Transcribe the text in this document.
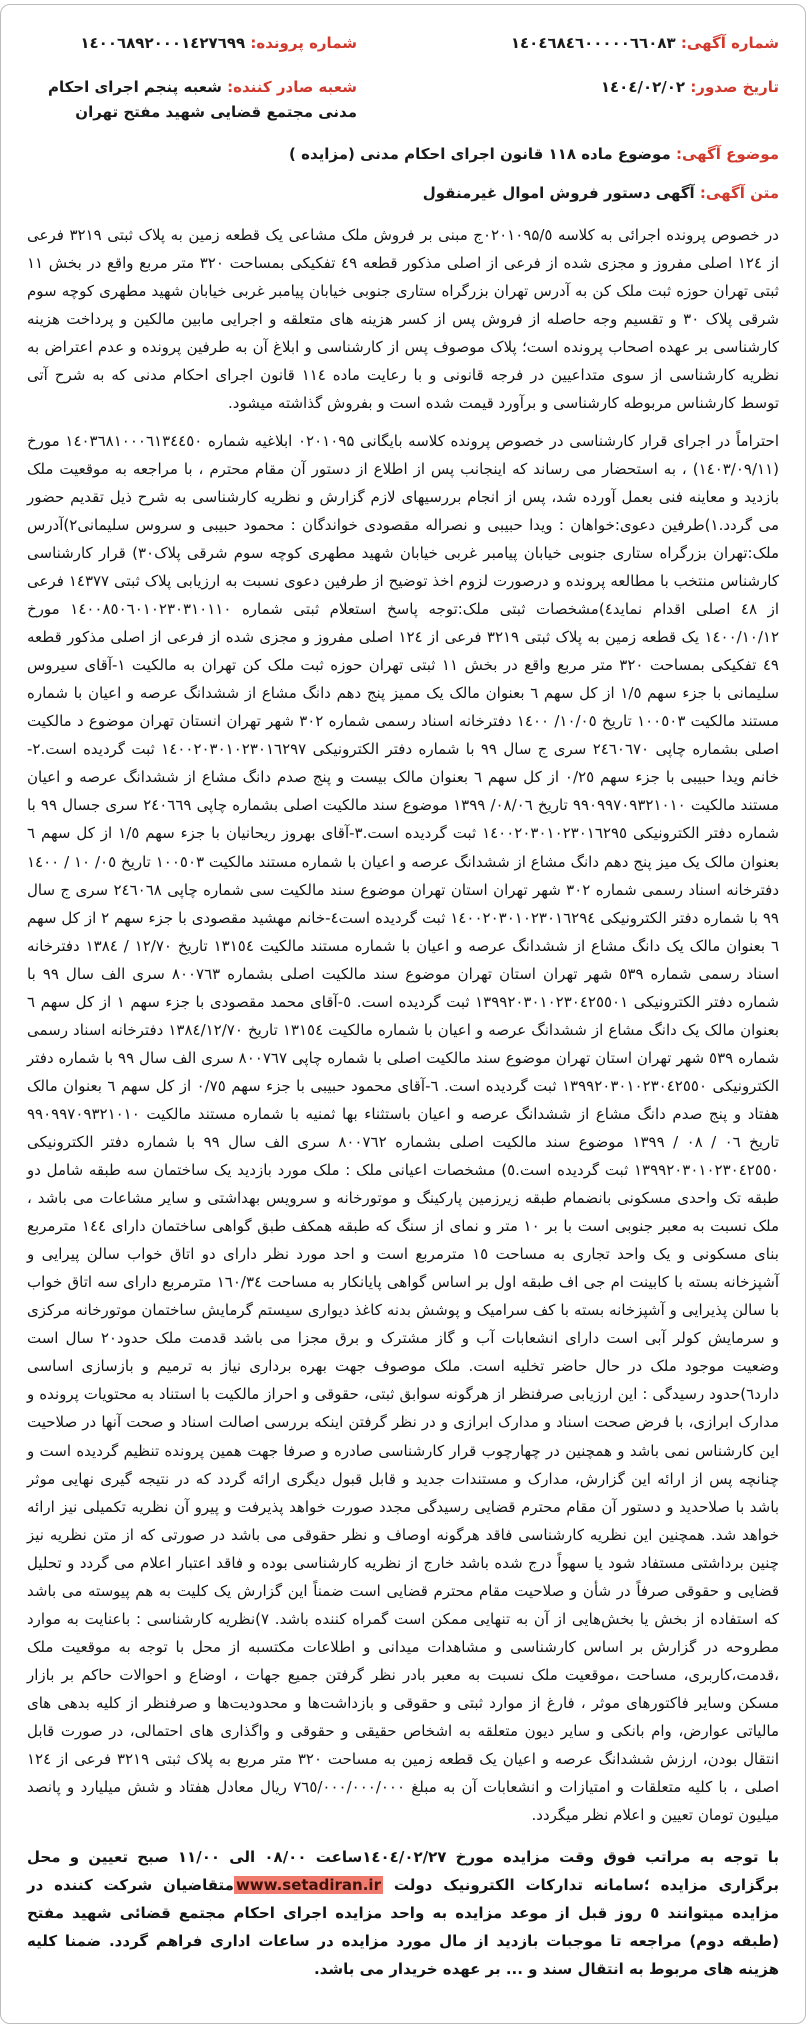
شماره آگهی: ۱٤۰٤٦۸٤٦۰۰۰۰۰٦٦۰۸۳
شماره پرونده: ۱٤۰۰٦۸۹۲۰۰۰۱٤۲۷٦۹۹
تاریخ صدور: ۱٤۰٤/۰۲/۰۲
شعبه صادر کننده: شعبه پنجم اجرای احکام مدنی مجتمع قضایی شهید مفتح تهران
موضوع آگهی: موضوع ماده ۱۱۸ قانون اجرای احکام مدنی (مزایده )
متن آگهی: آگهی دستور فروش اموال غیرمنقول

در خصوص پرونده اجرائی به کلاسه ۰۲۰۱۰۹۵/٥ج مبنی بر فروش ملک مشاعی یک قطعه زمین به پلاک ثبتی ۳۲۱۹ فرعی از ۱۲٤ اصلی مفروز و مجزی شده از فرعی از اصلی مذکور قطعه ٤۹ تفکیکی بمساحت ۳۲۰ متر مربع واقع در بخش ۱۱ ثبتی تهران حوزه ثبت ملک کن به آدرس تهران بزرگراه ستاری جنوبی خیابان پیامبر غربی خیابان شهید مطهری کوچه سوم شرقی پلاک ۳۰ و تقسیم وجه حاصله از فروش پس از کسر هزینه های متعلقه و اجرایی مابین مالکین و پرداخت هزینه کارشناسی بر عهده اصحاب پرونده است؛ پلاک موصوف پس از کارشناسی و ابلاغ آن به طرفین پرونده و عدم اعتراض به نظریه کارشناسی از سوی متداعیین در فرجه قانونی و با رعایت ماده ۱۱٤ قانون اجرای احکام مدنی که به شرح آتی توسط کارشناس مربوطه کارشناسی و برآورد قیمت شده است و بفروش گذاشته میشود.

احتراماً در اجرای قرار کارشناسی در خصوص پرونده کلاسه بایگانی ۰۲۰۱۰۹۵ ابلاغیه شماره ۱٤۰۳٦۸۱۰۰۰٦۱۳٤٤٥۰ مورخ (۱٤۰۳/۰۹/۱۱) ، به استحضار می رساند که اینجانب پس از اطلاع از دستور آن مقام محترم ، با مراجعه به موقعیت ملک بازدید و معاینه فنی بعمل آورده شد، پس از انجام بررسیهای لازم گزارش و نظریه کارشناسی به شرح ذیل تقدیم حضور می گردد.۱)طرفین دعوی:خواهان : ویدا حبیبی و نصراله مقصودی خواندگان : محمود حبیبی و سروس سلیمانی۲)آدرس ملک:تهران بزرگراه ستاری جنوبی خیابان پیامبر غربی خیابان شهید مطهری کوچه سوم شرقی پلاک۳۰) قرار کارشناسی کارشناس منتخب با مطالعه پرونده و درصورت لزوم اخذ توضیح از طرفین دعوی نسبت به ارزیابی پلاک ثبتی ۱٤۳۷۷ فرعی از ٤۸ اصلی اقدام نماید٤)مشخصات ثبتی ملک:توجه پاسخ استعلام ثبتی شماره ۱٤۰۰۸٥۰٦۰۱۰۲۳۰۳۱۰۱۱۰ مورخ ۱٤۰۰/۱۰/۱۲ یک قطعه زمین به پلاک ثبتی ۳۲۱۹ فرعی از ۱۲٤ اصلی مفروز و مجزی شده از فرعی از اصلی مذکور قطعه ٤۹ تفکیکی بمساحت ۳۲۰ متر مربع واقع در بخش ۱۱ ثبتی تهران حوزه ثبت ملک کن تهران به مالکیت ۱-آقای سیروس سلیمانی با جزء سهم ۱/٥ از کل سهم ٦ بعنوان مالک یک ممیز پنج دهم دانگ مشاع از ششدانگ عرصه و اعیان با شماره مستند مالکیت ۱۰۰٥۰۳ تاریخ ۱۰/۰٥/ ۱٤۰۰ دفترخانه اسناد رسمی شماره ۳۰۲ شهر تهران انستان تهران موضوع د مالکیت اصلی بشماره چاپی ۲٤٦۰٦۷۰ سری ج سال ۹۹ با شماره دفتر الکترونیکی ۱٤۰۰۲۰۳۰۱۰۲۳۰۱٦۲۹۷ ثبت گردیده است.۲- خانم ویدا حبیبی با جزء سهم ۰/۲٥ از کل سهم ٦ بعنوان مالک بیست و پنج صدم دانگ مشاع از ششدانگ عرصه و اعیان مستند مالکیت ۹۹۰۹۹۷۰۹۳۲۱۰۱۰ تاریخ ۰۸/۰٦/ ۱۳۹۹ موضوع سند مالکیت اصلی بشماره چاپی ۲٤۰٦٦۹ سری جسال ۹۹ با شماره دفتر الکترونیکی ۱٤۰۰۲۰۳۰۱۰۲۳۰۱٦۲۹٥ ثبت گردیده است.۳-آقای بهروز ریحانیان با جزء سهم ۱/٥ از کل سهم ٦ بعنوان مالک یک میز پنج دهم دانگ مشاع از ششدانگ عرصه و اعیان با شماره مستند مالکیت ۱۰۰٥۰۳ تاریخ ۰٥/ ۱۰ / ۱٤۰۰ دفترخانه اسناد رسمی شماره ۳۰۲ شهر تهران استان تهران موضوع سند مالکیت سی شماره چاپی ۲٤٦۰٦۸ سری ج سال ۹۹ با شماره دفتر الکترونیکی ۱٤۰۰۲۰۳۰۱۰۲۳۰۱٦۲۹٤ ثبت گردیده است٤-خانم مهشید مقصودی با جزء سهم ۲ از کل سهم ٦ بعنوان مالک یک دانگ مشاع از ششدانگ عرصه و اعیان با شماره مستند مالکیت ۱۳۱٥٤ تاریخ ۱۲/۷۰ / ۱۳۸٤ دفترخانه اسناد رسمی شماره ٥۳۹ شهر تهران استان تهران موضوع سند مالکیت اصلی بشماره ۸۰۰۷٦۳ سری الف سال ۹۹ با شماره دفتر الکترونیکی ۱۳۹۹۲۰۳۰۱۰۲۳۰٤۲٥٥۰۱ ثبت گردیده است. ٥-آقای محمد مقصودی با جزء سهم ۱ از کل سهم ٦ بعنوان مالک یک دانگ مشاع از ششدانگ عرصه و اعیان با شماره مالکیت ۱۳۱٥٤ تاریخ ۱۳۸٤/۱۲/۷۰ دفترخانه اسناد رسمی شماره ٥۳۹ شهر تهران استان تهران موضوع سند مالکیت اصلی با شماره چاپی ۸۰۰۷٦۷ سری الف سال ۹۹ با شماره دفتر الکترونیکی ۱۳۹۹۲۰۳۰۱۰۲۳۰٤۲٥٥۰ ثبت گردیده است. ٦-آقای محمود حبیبی با جزء سهم ۰/۷٥ از کل سهم ٦ بعنوان مالک هفتاد و پنج صدم دانگ مشاع از ششدانگ عرصه و اعیان باستثناء بها ثمنیه با شماره مستند مالکیت ۹۹۰۹۹۷۰۹۳۲۱۰۱۰ تاریخ ۰٦ / ۰۸ / ۱۳۹۹ موضوع سند مالکیت اصلی بشماره ۸۰۰۷٦۲ سری الف سال ۹۹ با شماره دفتر الکترونیکی ۱۳۹۹۲۰۳۰۱۰۲۳۰٤۲٥٥۰ ثبت گردیده است.٥) مشخصات اعیانی ملک : ملک مورد بازدید یک ساختمان سه طبقه شامل دو طبقه تک واحدی مسکونی بانضمام طبقه زیرزمین پارکینگ و موتورخانه و سرویس بهداشتی و سایر مشاعات می باشد ، ملک نسبت به معبر جنوبی است با بر ۱۰ متر و نمای از سنگ که طبقه همکف طبق گواهی ساختمان دارای ۱٤٤ مترمربع بنای مسکونی و یک واحد تجاری به مساحت ۱٥ مترمربع است و احد مورد نظر دارای دو اتاق خواب سالن پیرایی و آشپزخانه بسته با کابینت ام جی اف طبقه اول بر اساس گواهی پایانکار به مساحت ۱٦۰/۳٤ مترمربع دارای سه اتاق خواب با سالن پذیرایی و آشپزخانه بسته با کف سرامیک و پوشش بدنه کاغذ دیواری سیستم گرمایش ساختمان موتورخانه مرکزی و سرمایش کولر آبی است دارای انشعابات آب و گاز مشترک و برق مجزا می باشد قدمت ملک حدود۲۰ سال است وضعیت موجود ملک در حال حاضر تخلیه است. ملک موصوف جهت بهره برداری نیاز به ترمیم و بازسازی اساسی دارد٦)حدود رسیدگی : این ارزیابی صرفنظر از هرگونه سوابق ثبتی، حقوقی و احراز مالکیت با استناد به محتویات پرونده و مدارک ابرازی، با فرض صحت اسناد و مدارک ابرازی و در نظر گرفتن اینکه بررسی اصالت اسناد و صحت آنها در صلاحیت این کارشناس نمی باشد و همچنین در چهارچوب قرار کارشناسی صادره و صرفا جهت همین پرونده تنظیم گردیده است و چنانچه پس از ارائه این گزارش، مدارک و مستندات جدید و قابل قبول دیگری ارائه گردد که در نتیجه گیری نهایی موثر باشد با صلاحدید و دستور آن مقام محترم قضایی رسیدگی مجدد صورت خواهد پذیرفت و پیرو آن نظریه تکمیلی نیز ارائه خواهد شد. همچنین این نظریه کارشناسی فاقد هرگونه اوصاف و نظر حقوقی می باشد در صورتی که از متن نظریه نیز چنین برداشتی مستفاد شود یا سهواً درج شده باشد خارج از نظریه کارشناسی بوده و فاقد اعتبار اعلام می گردد و تحلیل قضایی و حقوقی صرفاً در شأن و صلاحیت مقام محترم قضایی است ضمناً این گزارش یک کلیت به هم پیوسته می باشد که استفاده از بخش یا بخش‌هایی از آن به تنهایی ممکن است گمراه کننده باشد. ۷)نظریه کارشناسی : باعنایت به موارد مطروحه در گزارش بر اساس کارشناسی و مشاهدات میدانی و اطلاعات مکتسبه از محل با توجه به موقعیت ملک ،قدمت،کاربری، مساحت ،موقعیت ملک نسبت به معبر بادر نظر گرفتن جمیع جهات ، اوضاع و احوالات حاکم بر بازار مسکن وسایر فاکتورهای موثر ، فارغ از موارد ثبتی و حقوقی و بازداشت‌ها و محدودیت‌ها و صرفنظر از کلیه بدهی های مالیاتی عوارض، وام بانکی و سایر دیون متعلقه به اشخاص حقیقی و حقوقی و واگذاری های احتمالی، در صورت قابل انتقال بودن، ارزش ششدانگ عرصه و اعیان یک قطعه زمین به مساحت ۳۲۰ متر مربع به پلاک ثبتی ۳۲۱۹ فرعی از ۱۲٤ اصلی ، با کلیه متعلقات و امتیازات و انشعابات آن به مبلغ ۷٦٥/۰۰۰/۰۰۰/۰۰۰ ریال معادل هفتاد و شش میلیارد و پانصد میلیون تومان تعیین و اعلام نظر میگردد.

با توجه به مراتب فوق وقت مزایده مورخ ۱٤۰٤/۰۲/۲۷ساعت ۰۸/۰۰ الی ۱۱/۰۰ صبح تعیین و محل برگزاری مزایده ؛سامانه تدارکات الکترونیک دولت www.setadiran.irمتقاضیان شرکت کننده در مزایده میتوانند ٥ روز قبل از موعد مزایده به واحد مزایده اجرای احکام مجتمع قضائی شهید مفتح (طبقه دوم) مراجعه تا موجبات بازدید از مال مورد مزایده در ساعات اداری فراهم گردد. ضمنا کلیه هزینه های مربوط به انتقال سند و ... بر عهده خریدار می باشد.
